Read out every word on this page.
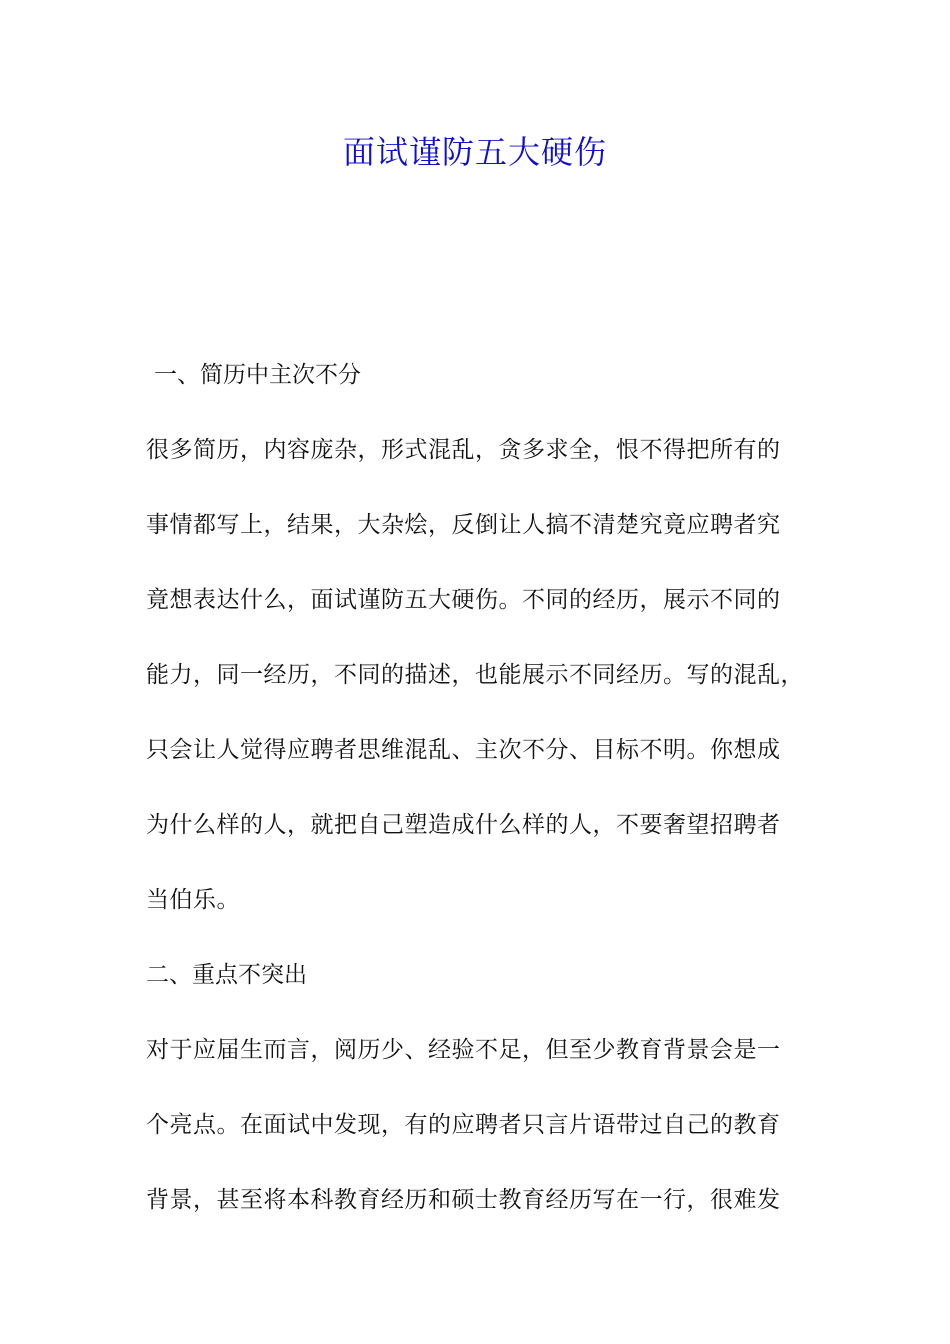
面试谨防五大硬伤

一、简历中主次不分

很多简历，内容庞杂，形式混乱，贪多求全，恨不得把所有的

事情都写上，结果，大杂烩，反倒让人搞不清楚究竟应聘者究

竟想表达什么，面试谨防五大硬伤。不同的经历，展示不同的

能力，同一经历，不同的描述，也能展示不同经历。写的混乱，

只会让人觉得应聘者思维混乱、主次不分、目标不明。你想成

为什么样的人，就把自己塑造成什么样的人，不要奢望招聘者

当伯乐。

二、重点不突出

对于应届生而言，阅历少、经验不足，但至少教育背景会是一

个亮点。在面试中发现，有的应聘者只言片语带过自己的教育

背景，甚至将本科教育经历和硕士教育经历写在一行，很难发
